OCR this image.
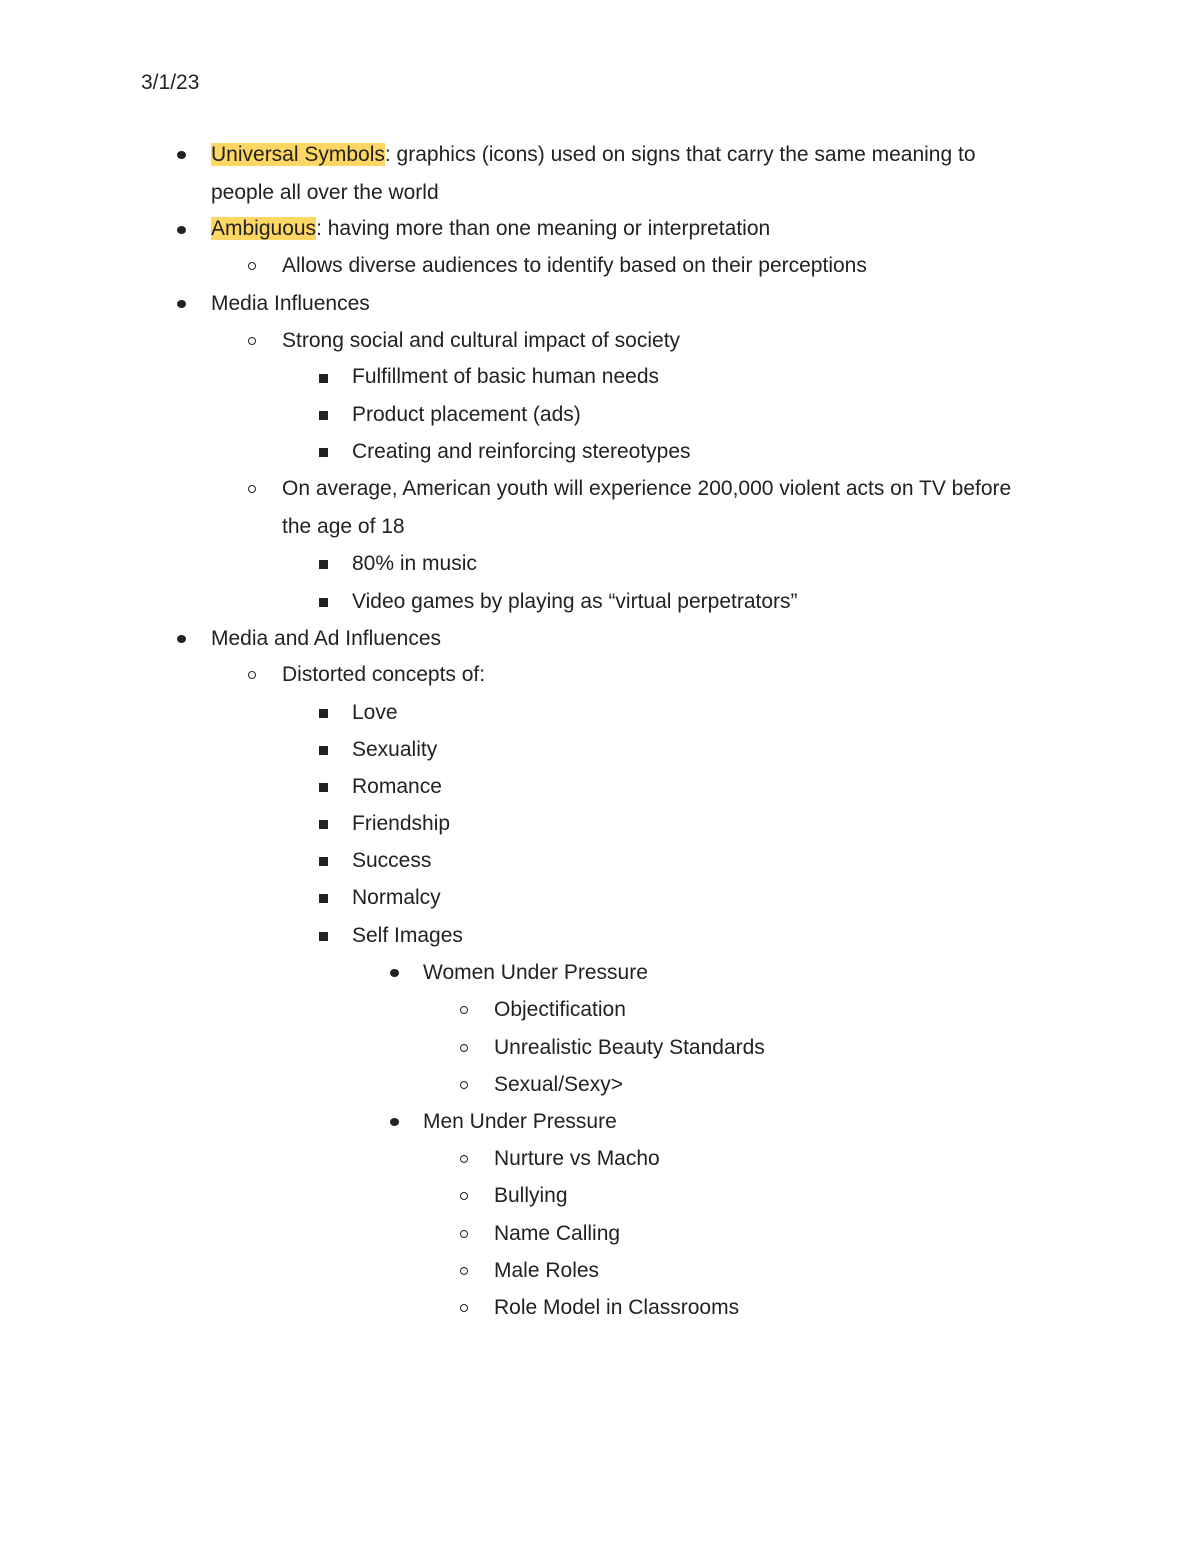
3/1/23
Universal Symbols: graphics (icons) used on signs that carry the same meaning to people all over the world
Ambiguous: having more than one meaning or interpretation
Allows diverse audiences to identify based on their perceptions
Media Influences
Strong social and cultural impact of society
Fulfillment of basic human needs
Product placement (ads)
Creating and reinforcing stereotypes
On average, American youth will experience 200,000 violent acts on TV before the age of 18
80% in music
Video games by playing as “virtual perpetrators”
Media and Ad Influences
Distorted concepts of:
Love
Sexuality
Romance
Friendship
Success
Normalcy
Self Images
Women Under Pressure
Objectification
Unrealistic Beauty Standards
Sexual/Sexy>
Men Under Pressure
Nurture vs Macho
Bullying
Name Calling
Male Roles
Role Model in Classrooms
